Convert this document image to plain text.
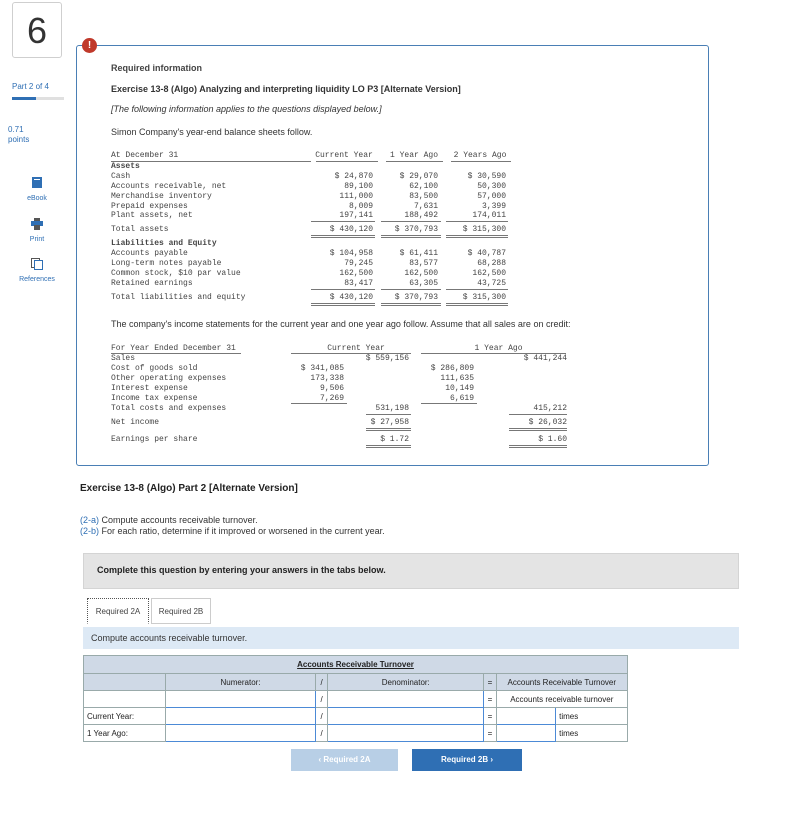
6
Part 2 of 4
0.71
points
eBook
Print
References
!
Required information
Exercise 13-8 (Algo) Analyzing and interpreting liquidity LO P3 [Alternate Version]
[The following information applies to the questions displayed below.]
Simon Company's year-end balance sheets follow.
At December 31	Current Year	1 Year Ago	2 Years Ago
Assets
Cash	$ 24,870	$ 29,070	$ 30,590
Accounts receivable, net	89,100	62,100	50,300
Merchandise inventory	111,000	83,500	57,000
Prepaid expenses	8,009	7,631	3,399
Plant assets, net	197,141	188,492	174,011
Total assets	$ 430,120	$ 370,793	$ 315,300
Liabilities and Equity
Accounts payable	$ 104,958	$ 61,411	$ 40,787
Long-term notes payable	79,245	83,577	68,288
Common stock, $10 par value	162,500	162,500	162,500
Retained earnings	83,417	63,305	43,725
Total liabilities and equity	$ 430,120	$ 370,793	$ 315,300
The company's income statements for the current year and one year ago follow. Assume that all sales are on credit:
For Year Ended December 31	Current Year	1 Year Ago
Sales	$ 559,156	$ 441,244
Cost of goods sold	$ 341,085	$ 286,809
Other operating expenses	173,338	111,635
Interest expense	9,506	10,149
Income tax expense	7,269	6,619
Total costs and expenses	531,198	415,212
Net income	$ 27,958	$ 26,032
Earnings per share	$ 1.72	$ 1.60
Exercise 13-8 (Algo) Part 2 [Alternate Version]
(2-a) Compute accounts receivable turnover.
(2-b) For each ratio, determine if it improved or worsened in the current year.
Complete this question by entering your answers in the tabs below.
Required 2A	Required 2B
Compute accounts receivable turnover.
Accounts Receivable Turnover						
	Numerator:	/	Denominator:	=	Accounts Receivable Turnover	
		/		=	Accounts receivable turnover	
Current Year:		/		=		times
1 Year Ago:		/		=		times
‹ Required 2A	Required 2B ›
